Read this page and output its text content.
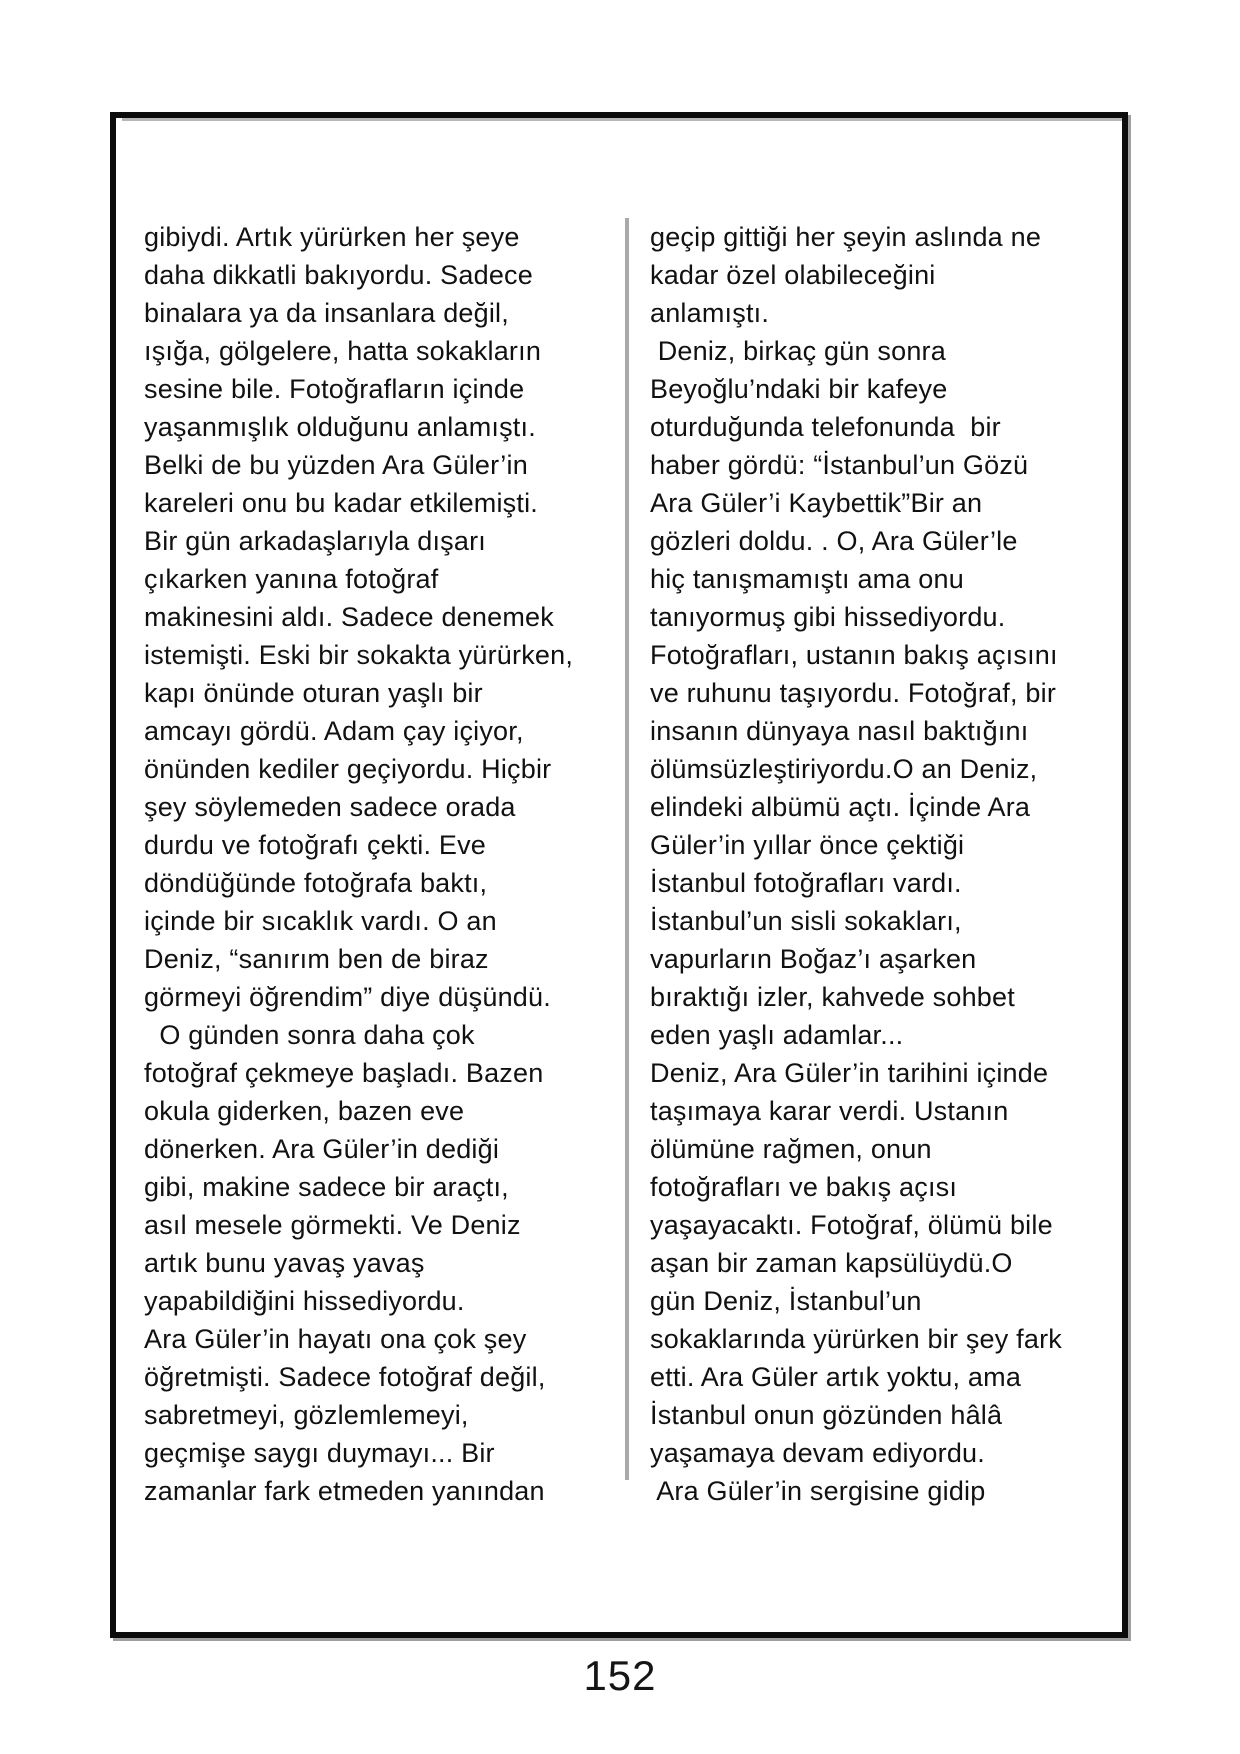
gibiydi. Artık yürürken her şeye
daha dikkatli bakıyordu. Sadece
binalara ya da insanlara değil,
ışığa, gölgelere, hatta sokakların
sesine bile. Fotoğrafların içinde
yaşanmışlık olduğunu anlamıştı.
Belki de bu yüzden Ara Güler’in
kareleri onu bu kadar etkilemişti.
Bir gün arkadaşlarıyla dışarı
çıkarken yanına fotoğraf
makinesini aldı. Sadece denemek
istemişti. Eski bir sokakta yürürken,
kapı önünde oturan yaşlı bir
amcayı gördü. Adam çay içiyor,
önünden kediler geçiyordu. Hiçbir
şey söylemeden sadece orada
durdu ve fotoğrafı çekti. Eve
döndüğünde fotoğrafa baktı,
içinde bir sıcaklık vardı. O an
Deniz, “sanırım ben de biraz
görmeyi öğrendim” diye düşündü.
O günden sonra daha çok
fotoğraf çekmeye başladı. Bazen
okula giderken, bazen eve
dönerken. Ara Güler’in dediği
gibi, makine sadece bir araçtı,
asıl mesele görmekti. Ve Deniz
artık bunu yavaş yavaş
yapabildiğini hissediyordu.
Ara Güler’in hayatı ona çok şey
öğretmişti. Sadece fotoğraf değil,
sabretmeyi, gözlemlemeyi,
geçmişe saygı duymayı... Bir
zamanlar fark etmeden yanından
geçip gittiği her şeyin aslında ne
kadar özel olabileceğini
anlamıştı.
Deniz, birkaç gün sonra
Beyoğlu’ndaki bir kafeye
oturduğunda telefonunda  bir
haber gördü: “İstanbul’un Gözü
Ara Güler’i Kaybettik”Bir an
gözleri doldu. . O, Ara Güler’le
hiç tanışmamıştı ama onu
tanıyormuş gibi hissediyordu.
Fotoğrafları, ustanın bakış açısını
ve ruhunu taşıyordu. Fotoğraf, bir
insanın dünyaya nasıl baktığını
ölümsüzleştiriyordu.O an Deniz,
elindeki albümü açtı. İçinde Ara
Güler’in yıllar önce çektiği
İstanbul fotoğrafları vardı.
İstanbul’un sisli sokakları,
vapurların Boğaz’ı aşarken
bıraktığı izler, kahvede sohbet
eden yaşlı adamlar...
Deniz, Ara Güler’in tarihini içinde
taşımaya karar verdi. Ustanın
ölümüne rağmen, onun
fotoğrafları ve bakış açısı
yaşayacaktı. Fotoğraf, ölümü bile
aşan bir zaman kapsülüydü.O
gün Deniz, İstanbul’un
sokaklarında yürürken bir şey fark
etti. Ara Güler artık yoktu, ama
İstanbul onun gözünden hâlâ
yaşamaya devam ediyordu.
Ara Güler’in sergisine gidip
152
